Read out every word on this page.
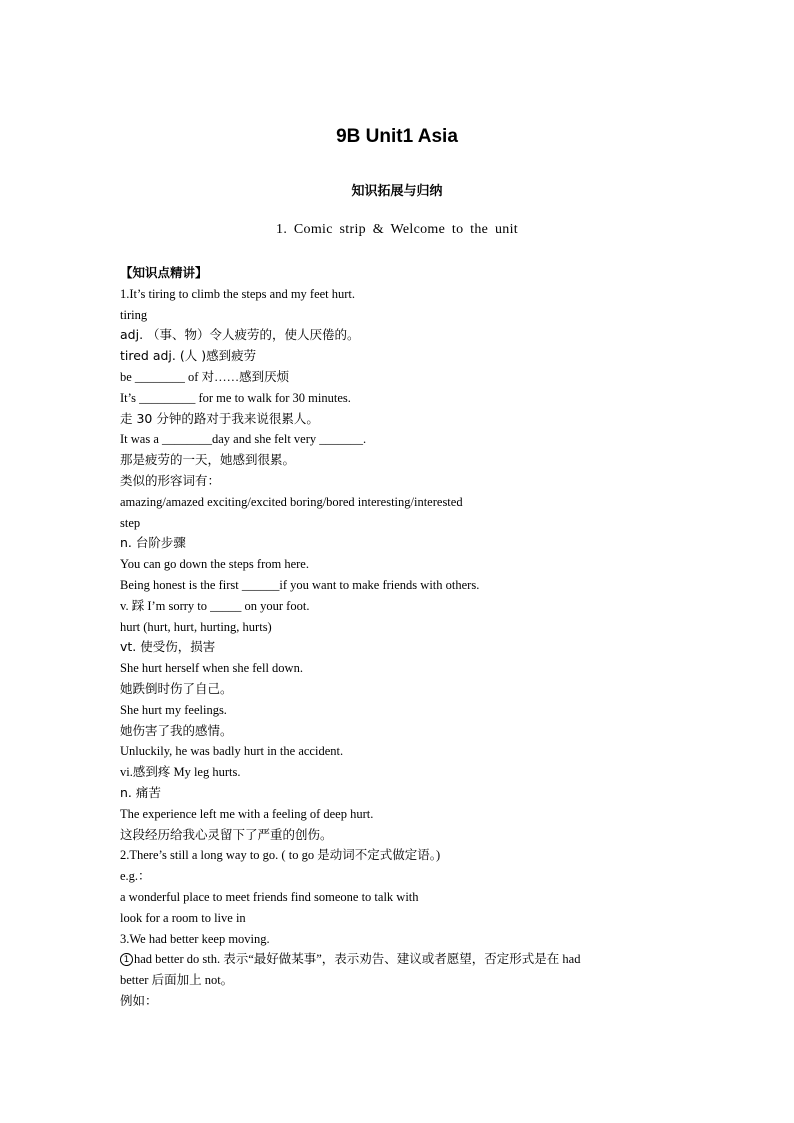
9B Unit1 Asia
知识拓展与归纳
1. Comic strip & Welcome to the unit
【知识点精讲】
1.It’s tiring to climb the steps and my feet hurt.
tiring
adj. （事、物）令人疲劳的，使人厌倦的。
tired adj. (人 )感到疲劳
be ________ of 对……感到厌烦
It’s _________ for me to walk for 30 minutes.
走 30 分钟的路对于我来说很累人。
It was a ________day and she felt very _______.
那是疲劳的一天，她感到很累。
类似的形容词有：
amazing/amazed exciting/excited boring/bored interesting/interested
step
n. 台阶步骤
You can go down the steps from here.
Being honest is the first ______if you want to make friends with others.
v. 踩 I’m sorry to _____ on your foot.
hurt (hurt, hurt, hurting, hurts)
vt. 使受伤，损害
She hurt herself when she fell down.
她跌倒时伤了自己。
She hurt my feelings.
她伤害了我的感情。
Unluckily, he was badly hurt in the accident.
vi.感到疼 My leg hurts.
n. 痛苦
The experience left me with a feeling of deep hurt.
这段经历给我心灵留下了严重的创伤。
2.There’s still a long way to go. ( to go 是动词不定式做定语。)
e.g.：
a wonderful place to meet friends find someone to talk with
look for a room to live in
3.We had better keep moving.
1 had better do sth. 表示“最好做某事”，表示劝告、建议或者愿望，否定形式是在 had
better 后面加上 not。
例如：
